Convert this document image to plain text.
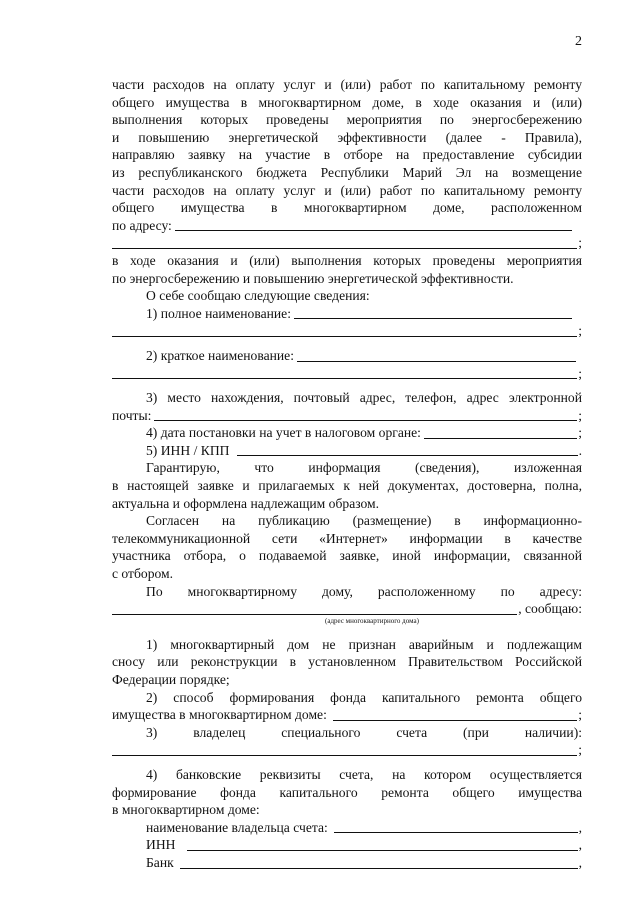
2
части расходов на оплату услуг и (или) работ по капитальному ремонту
общего имущества в многоквартирном доме, в ходе оказания и (или)
выполнения которых проведены мероприятия по энергосбережению
и повышению энергетической эффективности (далее - Правила),
направляю заявку на участие в отборе на предоставление субсидии
из республиканского бюджета Республики Марий Эл на возмещение
части расходов на оплату услуг и (или) работ по капитальному ремонту
общего имущества в многоквартирном доме, расположенном
по адресу:
;
в ходе оказания и (или) выполнения которых проведены мероприятия
по энергосбережению и повышению энергетической эффективности.
О себе сообщаю следующие сведения:
1) полное наименование:
;
2) краткое наименование:
;
3) место нахождения, почтовый адрес, телефон, адрес электронной
почты:	;
4) дата постановки на учет в налоговом органе:	;
5) ИНН / КПП	.
Гарантирую, что информация (сведения), изложенная
в настоящей заявке и прилагаемых к ней документах, достоверна, полна,
актуальна и оформлена надлежащим образом.
Согласен на публикацию (размещение) в информационно-
телекоммуникационной сети «Интернет» информации в качестве
участника отбора, о подаваемой заявке, иной информации, связанной
с отбором.
По многоквартирному дому, расположенному по адресу:
, сообщаю:
(адрес многоквартирного дома)
1) многоквартирный дом не признан аварийным и подлежащим
сносу или реконструкции в установленном Правительством Российской
Федерации порядке;
2) способ формирования фонда капитального ремонта общего
имущества в многоквартирном доме:	;
3) владелец специального счета (при наличии):
;
4) банковские реквизиты счета, на котором осуществляется
формирование фонда капитального ремонта общего имущества
в многоквартирном доме:
наименование владельца счета:	,
ИНН	,
Банк	,
